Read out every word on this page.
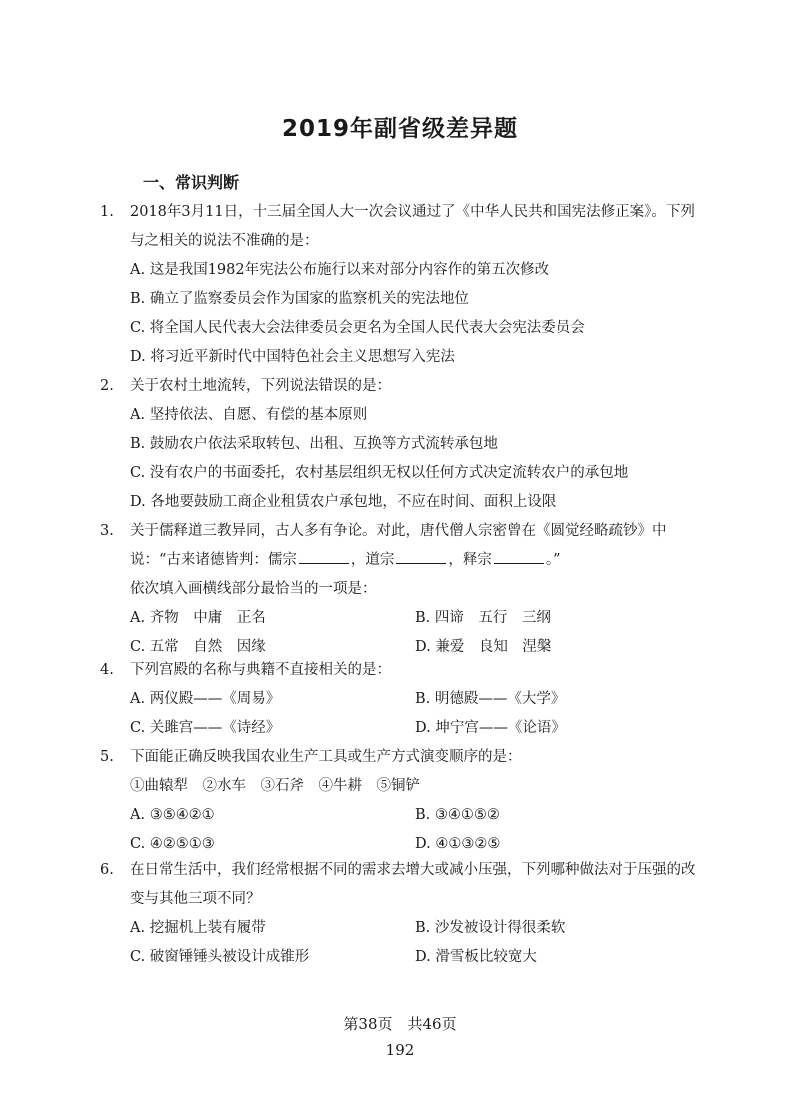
2019年副省级差异题
一、常识判断
1. 2018年3月11日，十三届全国人大一次会议通过了《中华人民共和国宪法修正案》。下列与之相关的说法不准确的是：
A. 这是我国1982年宪法公布施行以来对部分内容作的第五次修改
B. 确立了监察委员会作为国家的监察机关的宪法地位
C. 将全国人民代表大会法律委员会更名为全国人民代表大会宪法委员会
D. 将习近平新时代中国特色社会主义思想写入宪法
2. 关于农村土地流转，下列说法错误的是：
A. 坚持依法、自愿、有偿的基本原则
B. 鼓励农户依法采取转包、出租、互换等方式流转承包地
C. 没有农户的书面委托，农村基层组织无权以任何方式决定流转农户的承包地
D. 各地要鼓励工商企业租赁农户承包地，不应在时间、面积上设限
3. 关于儒释道三教异同，古人多有争论。对此，唐代僧人宗密曾在《圆觉经略疏钞》中说：“古来诸德皆判：儒宗	，道宗	，释宗	。”
依次填入画横线部分最恰当的一项是：
A. 齐物　中庸　正名	B. 四谛　五行　三纲
C. 五常　自然　因缘	D. 兼爱　良知　涅槃
4. 下列宫殿的名称与典籍不直接相关的是：
A. 两仪殿——《周易》	B. 明德殿——《大学》
C. 关雎宫——《诗经》	D. 坤宁宫——《论语》
5. 下面能正确反映我国农业生产工具或生产方式演变顺序的是：
①曲辕犁　②水车　③石斧　④牛耕　⑤铜铲
A. ③⑤④②①	B. ③④①⑤②
C. ④②⑤①③	D. ④①③②⑤
6. 在日常生活中，我们经常根据不同的需求去增大或减小压强，下列哪种做法对于压强的改变与其他三项不同？
A. 挖掘机上装有履带	B. 沙发被设计得很柔软
C. 破窗锤锤头被设计成锥形	D. 滑雪板比较宽大
第38页　共46页
192
